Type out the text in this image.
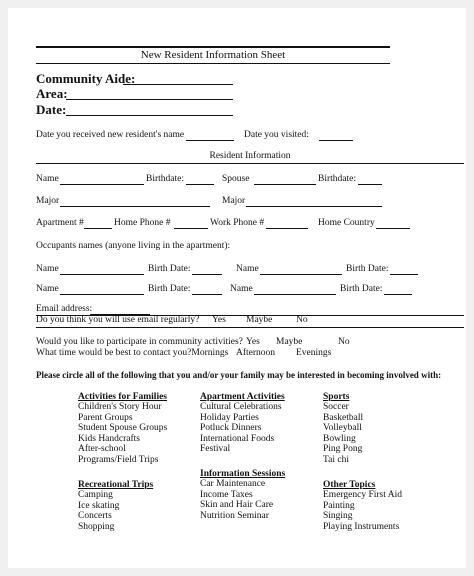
New Resident Information Sheet
Community Aide:
Area:
Date:
Date you received new resident's name	Date you visited:
Resident Information
Name	Birthdate:	Spouse	Birthdate:
Major	Major
Apartment #	Home Phone #	Work Phone #	Home Country
Occupants names (anyone living in the apartment):
Name	Birth Date:	Name	Birth Date:
Name	Birth Date:	Name	Birth Date:
Email address:
Do you think you will use email regularly? Yes Maybe No
Would you like to participate in community activities? Yes Maybe	No
What time would be best to contact you?Mornings Afternoon Evenings
Please circle all of the following that you and/or your family may be interested in becoming involved with:
Activities for Families
Children's Story Hour
Parent Groups
Student Spouse Groups
Kids Handcrafts
After-school
Programs/Field Trips
Apartment Activities
Cultural Celebrations
Holiday Parties
Potluck Dinners
International Foods
Festival
Sports
Soccer
Basketball
Volleyball
Bowling
Ping Pong
Tai chi
Information Sessions
Car Maintenance
Income Taxes
Skin and Hair Care
Nutrition Seminar
Recreational Trips
Camping
Ice skating
Concerts
Shopping
Other Topics
Emergency First Aid
Painting
Singing
Playing Instruments
